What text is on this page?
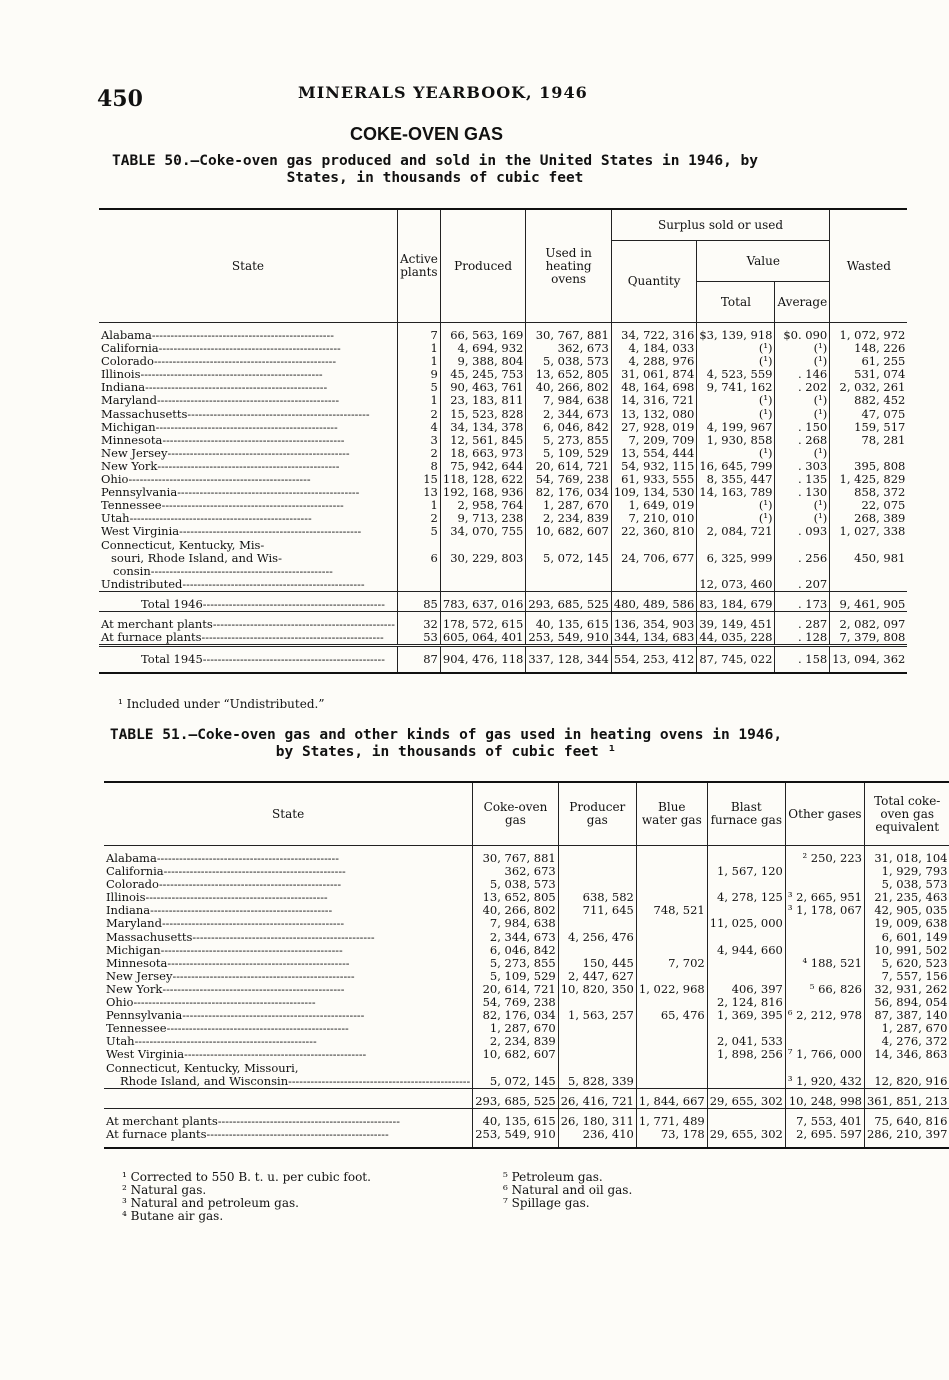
450	MINERALS YEARBOOK, 1946
COKE-OVEN GAS
TABLE 50.—Coke-oven gas produced and sold in the United States in 1946, by
States, in thousands of cubic feet
State	Active plants	Produced	Used in heating ovens	Surplus sold or used			Wasted
				Quantity	Value		
					Total	Average	

Alabama-------------------------------------------------	7	66, 563, 169	30, 767, 881	34, 722, 316	$3, 139, 918	$0. 090	1, 072, 972
California-------------------------------------------------	1	4, 694, 932	362, 673	4, 184, 033	(¹)	(¹)	148, 226
Colorado-------------------------------------------------	1	9, 388, 804	5, 038, 573	4, 288, 976	(¹)	(¹)	61, 255
Illinois-------------------------------------------------	9	45, 245, 753	13, 652, 805	31, 061, 874	4, 523, 559	. 146	531, 074
Indiana-------------------------------------------------	5	90, 463, 761	40, 266, 802	48, 164, 698	9, 741, 162	. 202	2, 032, 261
Maryland-------------------------------------------------	1	23, 183, 811	7, 984, 638	14, 316, 721	(¹)	(¹)	882, 452
Massachusetts-------------------------------------------------	2	15, 523, 828	2, 344, 673	13, 132, 080	(¹)	(¹)	47, 075
Michigan-------------------------------------------------	4	34, 134, 378	6, 046, 842	27, 928, 019	4, 199, 967	. 150	159, 517
Minnesota-------------------------------------------------	3	12, 561, 845	5, 273, 855	7, 209, 709	1, 930, 858	. 268	78, 281
New Jersey-------------------------------------------------	2	18, 663, 973	5, 109, 529	13, 554, 444	(¹)	(¹)	
New York-------------------------------------------------	8	75, 942, 644	20, 614, 721	54, 932, 115	16, 645, 799	. 303	395, 808
Ohio-------------------------------------------------	15	118, 128, 622	54, 769, 238	61, 933, 555	8, 355, 447	. 135	1, 425, 829
Pennsylvania-------------------------------------------------	13	192, 168, 936	82, 176, 034	109, 134, 530	14, 163, 789	. 130	858, 372
Tennessee-------------------------------------------------	1	2, 958, 764	1, 287, 670	1, 649, 019	(¹)	(¹)	22, 075
Utah-------------------------------------------------	2	9, 713, 238	2, 234, 839	7, 210, 010	(¹)	(¹)	268, 389
West Virginia-------------------------------------------------	5	34, 070, 755	10, 682, 607	22, 360, 810	2, 084, 721	. 093	1, 027, 338
Connecticut, Kentucky, Mis-							
souri, Rhode Island, and Wis-	6	30, 229, 803	5, 072, 145	24, 706, 677	6, 325, 999	. 256	450, 981
consin-------------------------------------------------							
Undistributed-------------------------------------------------					12, 073, 460	. 207	

Total 1946-------------------------------------------------	85	783, 637, 016	293, 685, 525	480, 489, 586	83, 184, 679	. 173	9, 461, 905

At merchant plants-------------------------------------------------	32	178, 572, 615	40, 135, 615	136, 354, 903	39, 149, 451	. 287	2, 082, 097
At furnace plants-------------------------------------------------	53	605, 064, 401	253, 549, 910	344, 134, 683	44, 035, 228	. 128	7, 379, 808

Total 1945-------------------------------------------------	87	904, 476, 118	337, 128, 344	554, 253, 412	87, 745, 022	. 158	13, 094, 362

¹ Included under “Undistributed.”
TABLE 51.—Coke-oven gas and other kinds of gas used in heating ovens in 1946,
by States, in thousands of cubic feet ¹
State	Coke-oven gas	Producer gas	Blue water gas	Blast furnace gas	Other gases	Total coke-oven gas equivalent

Alabama-------------------------------------------------	30, 767, 881				² 250, 223	31, 018, 104
California-------------------------------------------------	362, 673			1, 567, 120		1, 929, 793
Colorado-------------------------------------------------	5, 038, 573					5, 038, 573
Illinois-------------------------------------------------	13, 652, 805	638, 582		4, 278, 125	³ 2, 665, 951	21, 235, 463
Indiana-------------------------------------------------	40, 266, 802	711, 645	748, 521		³ 1, 178, 067	42, 905, 035
Maryland-------------------------------------------------	7, 984, 638			11, 025, 000		19, 009, 638
Massachusetts-------------------------------------------------	2, 344, 673	4, 256, 476				6, 601, 149
Michigan-------------------------------------------------	6, 046, 842			4, 944, 660		10, 991, 502
Minnesota-------------------------------------------------	5, 273, 855	150, 445	7, 702		⁴ 188, 521	5, 620, 523
New Jersey-------------------------------------------------	5, 109, 529	2, 447, 627				7, 557, 156
New York-------------------------------------------------	20, 614, 721	10, 820, 350	1, 022, 968	406, 397	⁵ 66, 826	32, 931, 262
Ohio-------------------------------------------------	54, 769, 238			2, 124, 816		56, 894, 054
Pennsylvania-------------------------------------------------	82, 176, 034	1, 563, 257	65, 476	1, 369, 395	⁶ 2, 212, 978	87, 387, 140
Tennessee-------------------------------------------------	1, 287, 670					1, 287, 670
Utah-------------------------------------------------	2, 234, 839			2, 041, 533		4, 276, 372
West Virginia-------------------------------------------------	10, 682, 607			1, 898, 256	⁷ 1, 766, 000	14, 346, 863
Connecticut, Kentucky, Missouri,						
Rhode Island, and Wisconsin-------------------------------------------------	5, 072, 145	5, 828, 339			³ 1, 920, 432	12, 820, 916

	293, 685, 525	26, 416, 721	1, 844, 667	29, 655, 302	10, 248, 998	361, 851, 213

At merchant plants-------------------------------------------------	40, 135, 615	26, 180, 311	1, 771, 489		7, 553, 401	75, 640, 816
At furnace plants-------------------------------------------------	253, 549, 910	236, 410	73, 178	29, 655, 302	2, 695. 597	286, 210, 397

¹ Corrected to 550 B. t. u. per cubic foot.
² Natural gas.
³ Natural and petroleum gas.
⁴ Butane air gas.
⁵ Petroleum gas.
⁶ Natural and oil gas.
⁷ Spillage gas.
